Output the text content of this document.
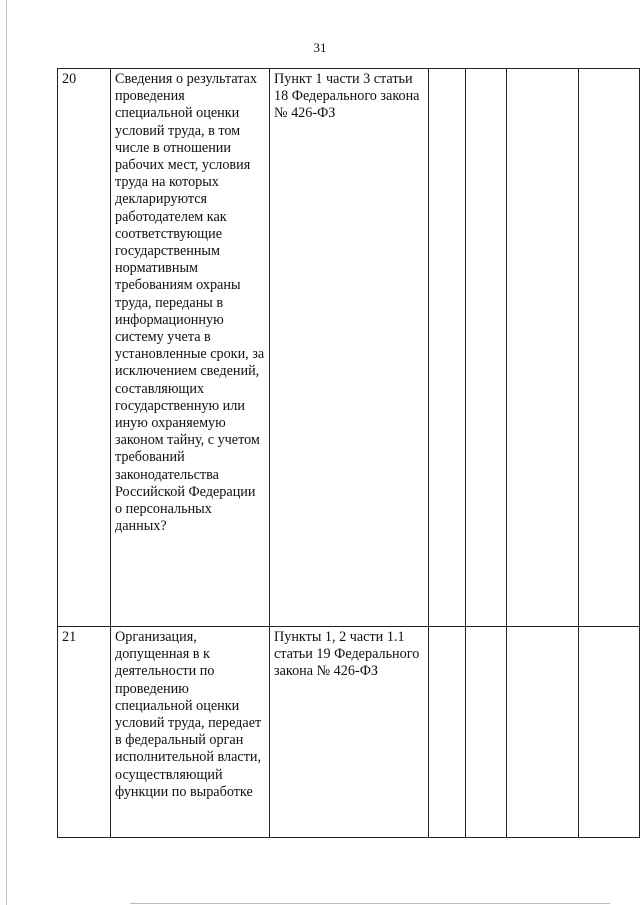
31
20	Сведения о результатах проведения специальной оценки условий труда, в том числе в отношении рабочих мест, условия труда на которых декларируются работодателем как соответствующие государственным нормативным требованиям охраны труда, переданы в информационную систему учета в установленные сроки, за исключением сведений, составляющих государственную или иную охраняемую законом тайну, с учетом требований законодательства Российской Федерации о персональных данных?	Пункт 1 части 3 статьи 18 Федерального закона № 426-ФЗ				
21	Организация, допущенная в к деятельности по проведению специальной оценки условий труда, передает в федеральный орган исполнительной власти, осуществляющий функции по выработке	Пункты 1, 2 части 1.1 статьи 19 Федерального закона № 426-ФЗ				
